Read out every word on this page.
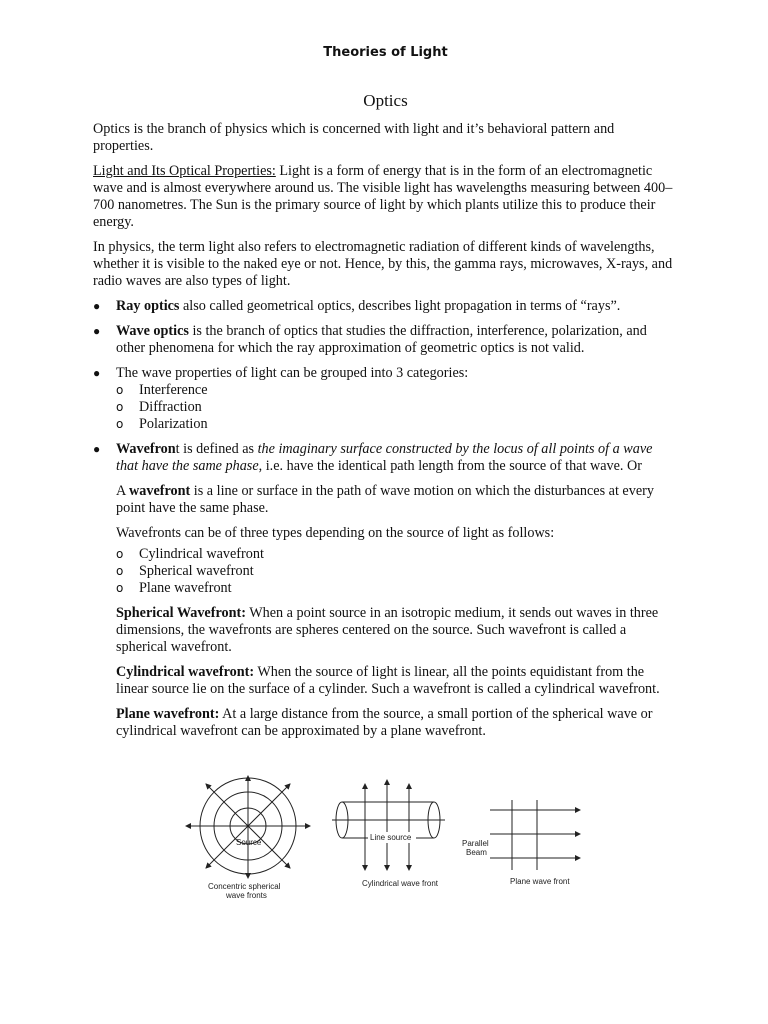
Theories of Light
Optics

Optics is the branch of physics which is concerned with light and it’s behavioral pattern and properties.

Light and Its Optical Properties: Light is a form of energy that is in the form of an electromagnetic wave and is almost everywhere around us. The visible light has wavelengths measuring between 400–700 nanometres. The Sun is the primary source of light by which plants utilize this to produce their energy.

In physics, the term light also refers to electromagnetic radiation of different kinds of wavelengths, whether it is visible to the naked eye or not. Hence, by this, the gamma rays, microwaves, X-rays, and radio waves are also types of light.

● Ray optics also called geometrical optics, describes light propagation in terms of “rays”.
● Wave optics is the branch of optics that studies the diffraction, interference, polarization, and other phenomena for which the ray approximation of geometric optics is not valid.
● The wave properties of light can be grouped into 3 categories:
o Interference
o Diffraction
o Polarization
● Wavefront is defined as the imaginary surface constructed by the locus of all points of a wave that have the same phase, i.e. have the identical path length from the source of that wave. Or

A wavefront is a line or surface in the path of wave motion on which the disturbances at every point have the same phase.

Wavefronts can be of three types depending on the source of light as follows:

o Cylindrical wavefront
o Spherical wavefront
o Plane wavefront

Spherical Wavefront: When a point source in an isotropic medium, it sends out waves in three dimensions, the wavefronts are spheres centered on the source. Such wavefront is called a spherical wavefront.

Cylindrical wavefront: When the source of light is linear, all the points equidistant from the linear source lie on the surface of a cylinder. Such a wavefront is called a cylindrical wavefront.

Plane wavefront: At a large distance from the source, a small portion of the spherical wave or cylindrical wavefront can be approximated by a plane wavefront.

Source
Concentric spherical
wave fronts
Line source
Cylindrical wave front
Parallel
Beam
Plane wave front
